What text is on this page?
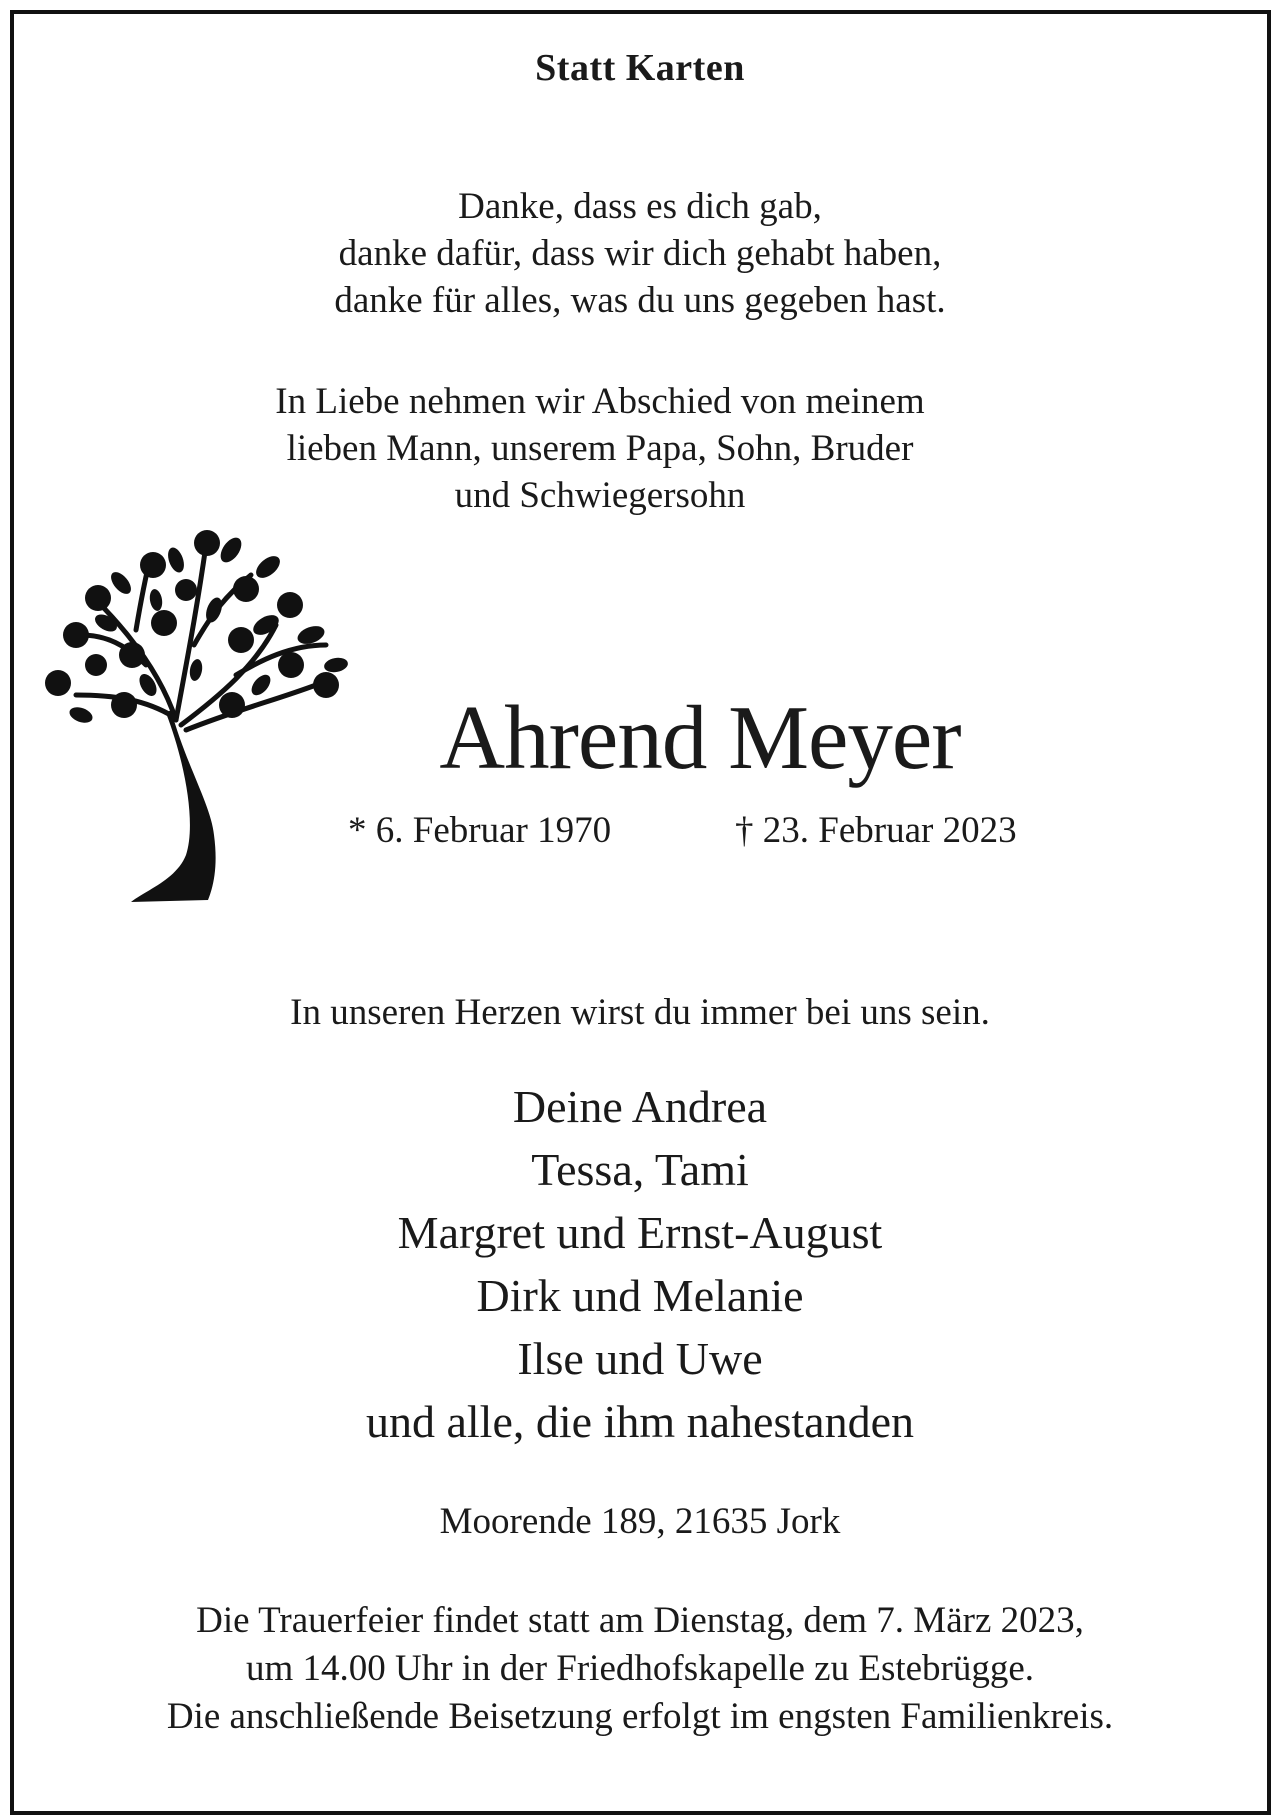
Statt Karten
Danke, dass es dich gab,
danke dafür, dass wir dich gehabt haben,
danke für alles, was du uns gegeben hast.
In Liebe nehmen wir Abschied von meinem
lieben Mann, unserem Papa, Sohn, Bruder
und Schwiegersohn
Ahrend Meyer
* 6. Februar 1970	† 23. Februar 2023
In unseren Herzen wirst du immer bei uns sein.
Deine Andrea
Tessa, Tami
Margret und Ernst-August
Dirk und Melanie
Ilse und Uwe
und alle, die ihm nahestanden
Moorende 189, 21635 Jork
Die Trauerfeier findet statt am Dienstag, dem 7. März 2023,
um 14.00 Uhr in der Friedhofskapelle zu Estebrügge.
Die anschließende Beisetzung erfolgt im engsten Familienkreis.
